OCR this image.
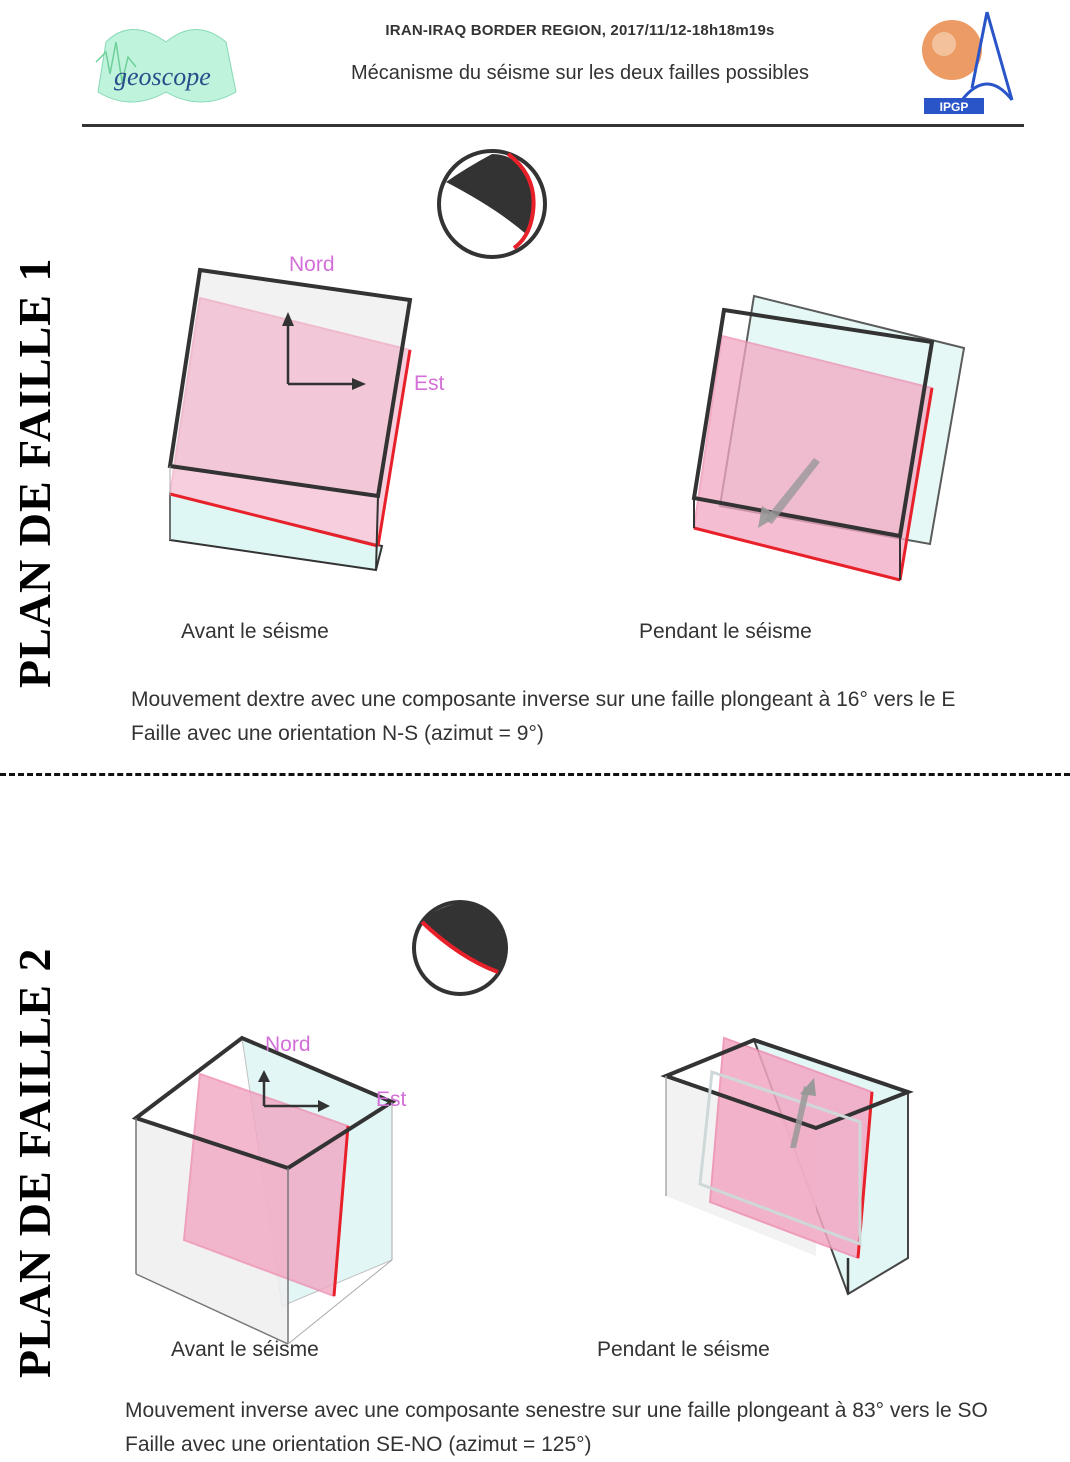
geoscope
IRAN-IRAQ BORDER REGION, 2017/11/12-18h18m19s
Mécanisme du séisme sur les deux failles possibles
IPGP
PLAN DE FAILLE 1	Nord
Est
Avant le séisme	Pendant le séisme
Mouvement dextre avec une composante inverse sur une faille plongeant à 16° vers le E
Faille avec une orientation N-S (azimut = 9°)
PLAN DE FAILLE 2	Nord
Est
Avant le séisme	Pendant le séisme
Mouvement inverse avec une composante senestre sur une faille plongeant à 83° vers le SO
Faille avec une orientation SE-NO (azimut = 125°)
